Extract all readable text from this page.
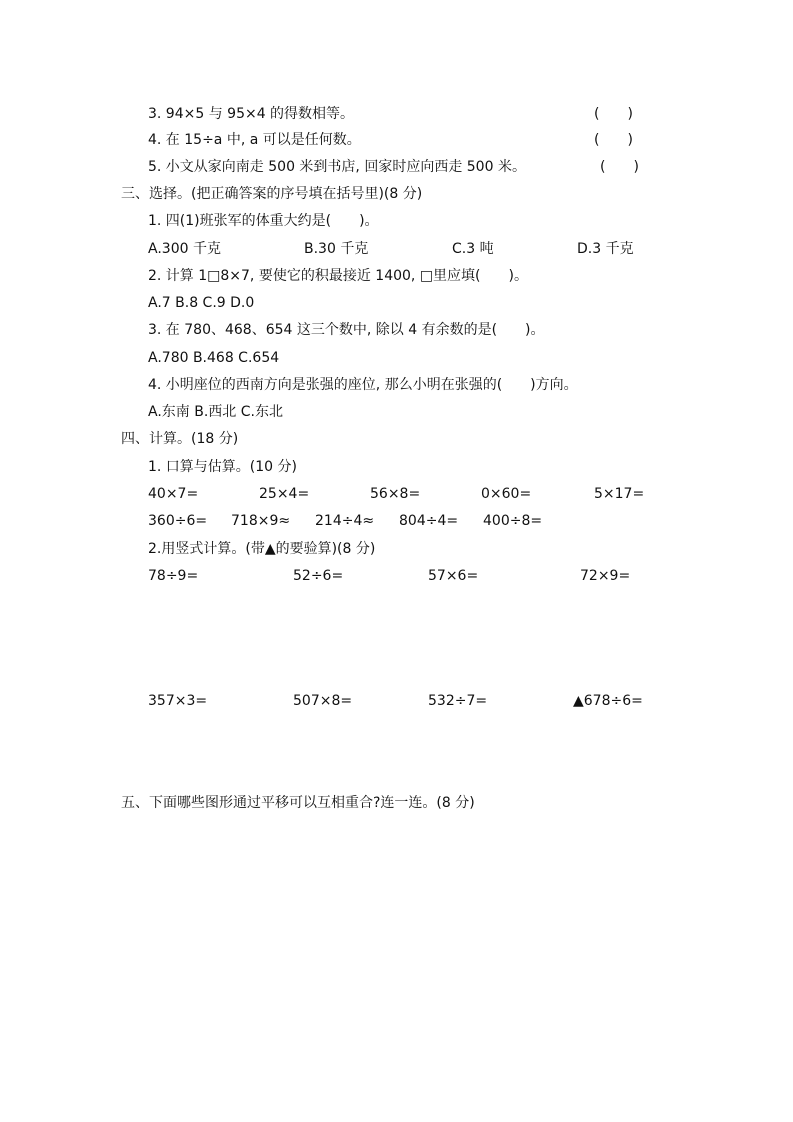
3. 94×5 与 95×4 的得数相等。	(　　)
4. 在 15÷a 中, a 可以是任何数。	(　　)
5. 小文从家向南走 500 米到书店, 回家时应向西走 500 米。	(　　)
三、选择。(把正确答案的序号填在括号里)(8 分)
1. 四(1)班张军的体重大约是(　　)。
A.300 千克	B.30 千克	C.3 吨	D.3 千克
2. 计算 1□8×7, 要使它的积最接近 1400, □里应填(　　)。
A.7 B.8 C.9 D.0
3. 在 780、468、654 这三个数中, 除以 4 有余数的是(　　)。
A.780 B.468 C.654
4. 小明座位的西南方向是张强的座位, 那么小明在张强的(　　)方向。
A.东南 B.西北 C.东北
四、计算。(18 分)
1. 口算与估算。(10 分)
40×7=	25×4=	56×8=	0×60=	5×17=
360÷6= 718×9≈ 214÷4≈ 804÷4= 400÷8=
2.用竖式计算。(带▲的要验算)(8 分)
78÷9=	52÷6=	57×6=	72×9=
357×3=	507×8=	532÷7=	▲678÷6=
五、下面哪些图形通过平移可以互相重合?连一连。(8 分)
